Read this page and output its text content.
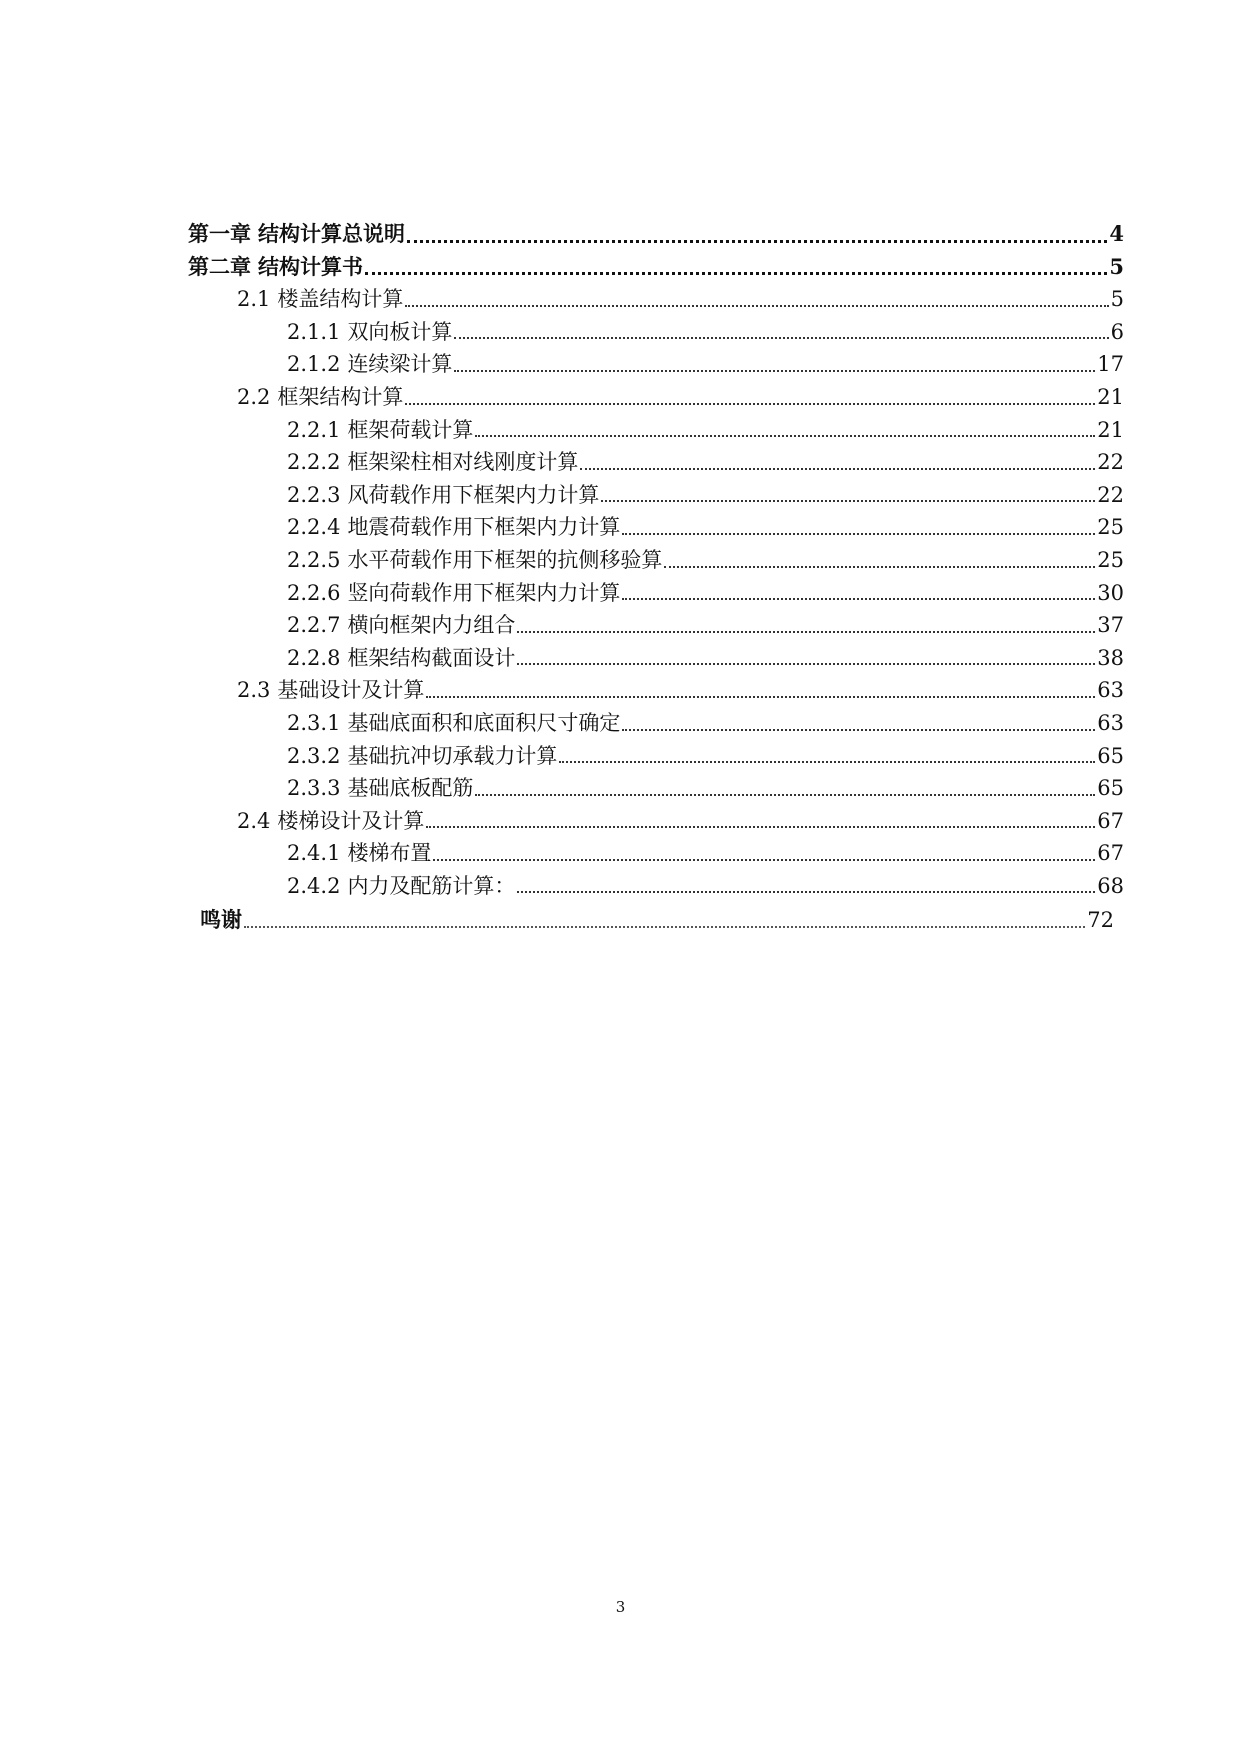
第一章 结构计算总说明	4
第二章 结构计算书	5
2.1 楼盖结构计算	5
2.1.1 双向板计算	6
2.1.2 连续梁计算	17
2.2 框架结构计算	21
2.2.1 框架荷载计算	21
2.2.2 框架梁柱相对线刚度计算	22
2.2.3 风荷载作用下框架内力计算	22
2.2.4 地震荷载作用下框架内力计算	25
2.2.5 水平荷载作用下框架的抗侧移验算	25
2.2.6 竖向荷载作用下框架内力计算	30
2.2.7 横向框架内力组合	37
2.2.8 框架结构截面设计	38
2.3 基础设计及计算	63
2.3.1 基础底面积和底面积尺寸确定	63
2.3.2 基础抗冲切承载力计算	65
2.3.3 基础底板配筋	65
2.4 楼梯设计及计算	67
2.4.1 楼梯布置	67
2.4.2 内力及配筋计算：	68
鸣谢	72
3
